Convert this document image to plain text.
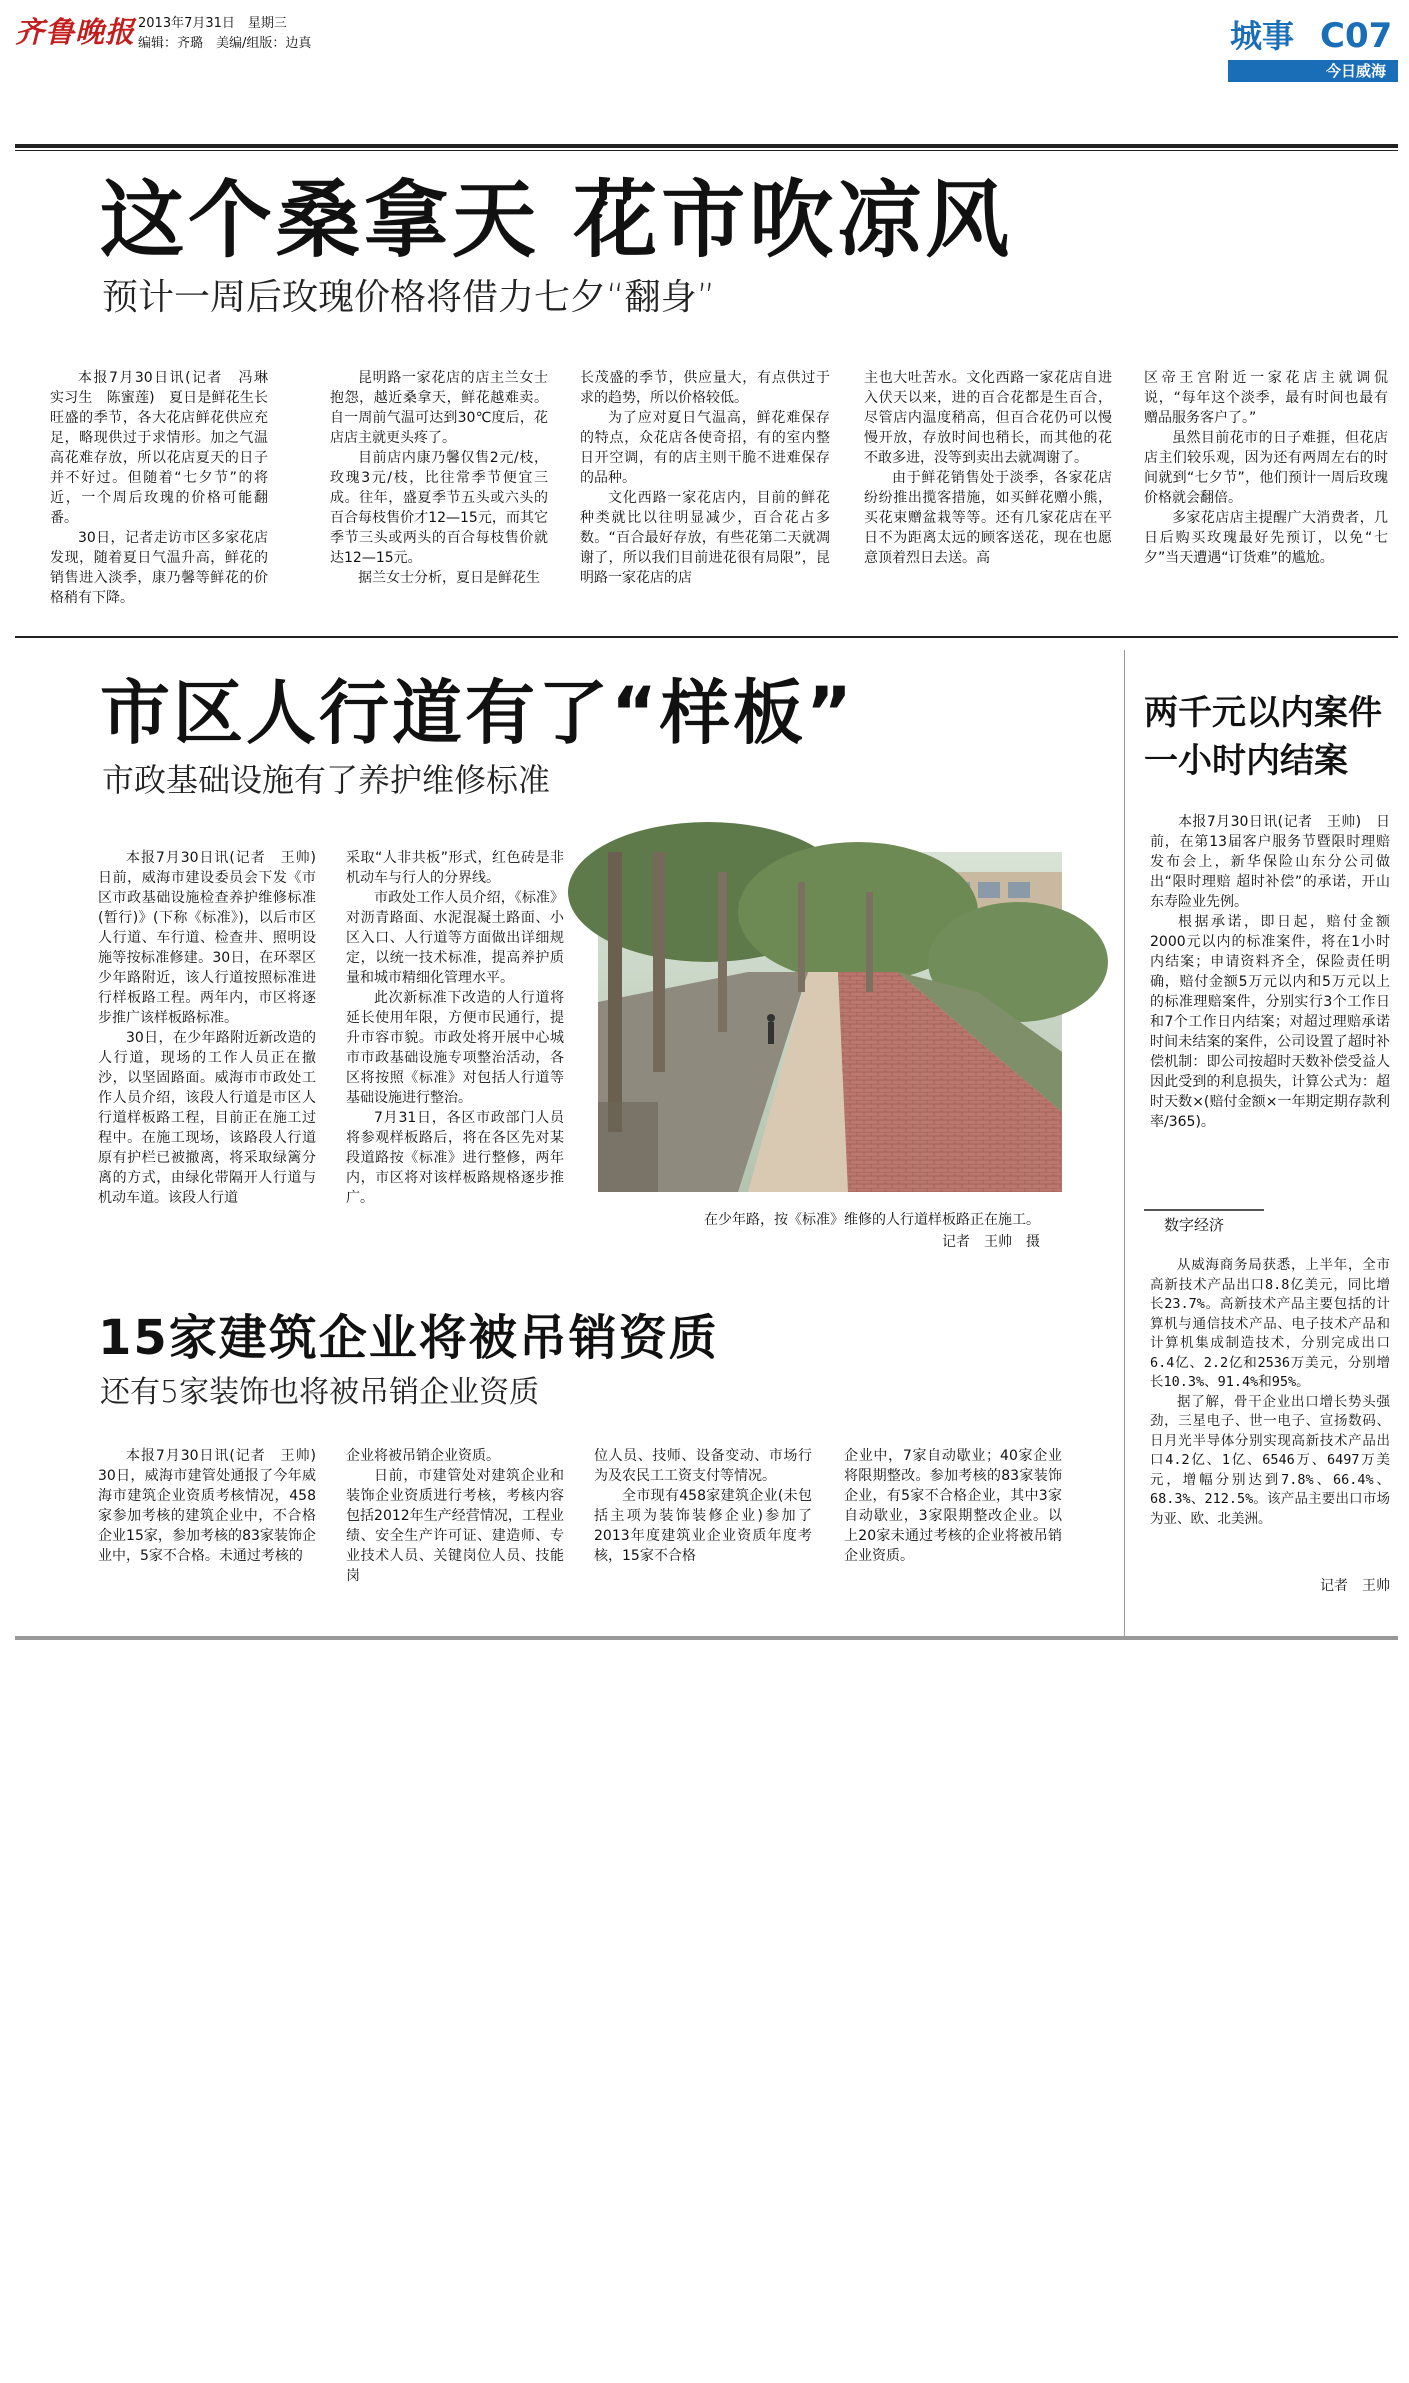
齐鲁晚报 2013年7月31日　星期三
编辑：齐璐　美编/组版：边真	城事 C07
今日威海
这个桑拿天 花市吹凉风
预计一周后玫瑰价格将借力七夕“翻身”

本报7月30日讯(记者　冯琳　实习生　陈蜜莲)　夏日是鲜花生长旺盛的季节，各大花店鲜花供应充足，略现供过于求情形。加之气温高花难存放，所以花店夏天的日子并不好过。但随着“七夕节”的将近，一个周后玫瑰的价格可能翻番。

30日，记者走访市区多家花店发现，随着夏日气温升高，鲜花的销售进入淡季，康乃馨等鲜花的价格稍有下降。

昆明路一家花店的店主兰女士抱怨，越近桑拿天，鲜花越难卖。自一周前气温可达到30℃度后，花店店主就更头疼了。

目前店内康乃馨仅售2元/枝，玫瑰3元/枝，比往常季节便宜三成。往年，盛夏季节五头或六头的百合每枝售价才12—15元，而其它季节三头或两头的百合每枝售价就达12—15元。

据兰女士分析，夏日是鲜花生

长茂盛的季节，供应量大，有点供过于求的趋势，所以价格较低。

为了应对夏日气温高，鲜花难保存的特点，众花店各使奇招，有的室内整日开空调，有的店主则干脆不进难保存的品种。

文化西路一家花店内，目前的鲜花种类就比以往明显减少，百合花占多数。“百合最好存放，有些花第二天就凋谢了，所以我们目前进花很有局限”，昆明路一家花店的店

主也大吐苦水。文化西路一家花店自进入伏天以来，进的百合花都是生百合，尽管店内温度稍高，但百合花仍可以慢慢开放，存放时间也稍长，而其他的花不敢多进，没等到卖出去就凋谢了。

由于鲜花销售处于淡季，各家花店纷纷推出揽客措施，如买鲜花赠小熊，买花束赠盆栽等等。还有几家花店在平日不为距离太远的顾客送花，现在也愿意顶着烈日去送。高

区帝王宫附近一家花店主就调侃说，“每年这个淡季，最有时间也最有赠品服务客户了。”

虽然目前花市的日子难捱，但花店店主们较乐观，因为还有两周左右的时间就到“七夕节”，他们预计一周后玫瑰价格就会翻倍。

多家花店店主提醒广大消费者，几日后购买玫瑰最好先预订，以免“七夕”当天遭遇“订货难”的尴尬。

市区人行道有了“样板”
市政基础设施有了养护维修标准

本报7月30日讯(记者　王帅)　日前，威海市建设委员会下发《市区市政基础设施检查养护维修标准(暂行)》(下称《标准》)，以后市区人行道、车行道、检查井、照明设施等按标准修建。30日，在环翠区少年路附近，该人行道按照标准进行样板路工程。两年内，市区将逐步推广该样板路标准。

30日，在少年路附近新改造的人行道，现场的工作人员正在撤沙，以坚固路面。威海市市政处工作人员介绍，该段人行道是市区人行道样板路工程，目前正在施工过程中。在施工现场，该路段人行道原有护栏已被撤离，将采取绿篱分离的方式，由绿化带隔开人行道与机动车道。该段人行道

采取“人非共板”形式，红色砖是非机动车与行人的分界线。

市政处工作人员介绍，《标准》对沥青路面、水泥混凝土路面、小区入口、人行道等方面做出详细规定，以统一技术标准，提高养护质量和城市精细化管理水平。

此次新标准下改造的人行道将延长使用年限，方便市民通行，提升市容市貌。市政处将开展中心城市市政基础设施专项整治活动，各区将按照《标准》对包括人行道等基础设施进行整治。

7月31日，各区市政部门人员将参观样板路后，将在各区先对某段道路按《标准》进行整修，两年内，市区将对该样板路规格逐步推广。

在少年路，按《标准》维修的人行道样板路正在施工。
记者　王帅　摄
两千元以内案件
一小时内结案

本报7月30日讯(记者　王帅)　日前，在第13届客户服务节暨限时理赔发布会上，新华保险山东分公司做出“限时理赔 超时补偿”的承诺，开山东寿险业先例。

根据承诺，即日起，赔付金额2000元以内的标准案件，将在1小时内结案；申请资料齐全，保险责任明确，赔付金额5万元以内和5万元以上的标准理赔案件，分别实行3个工作日和7个工作日内结案；对超过理赔承诺时间未结案的案件，公司设置了超时补偿机制：即公司按超时天数补偿受益人因此受到的利息损失，计算公式为：超时天数×(赔付金额×一年期定期存款利率/365)。

数字经济

从威海商务局获悉，上半年，全市高新技术产品出口8.8亿美元，同比增长23.7%。高新技术产品主要包括的计算机与通信技术产品、电子技术产品和计算机集成制造技术，分别完成出口6.4亿、2.2亿和2536万美元，分别增长10.3%、91.4%和95%。

据了解，骨干企业出口增长势头强劲，三星电子、世一电子、宣扬数码、日月光半导体分别实现高新技术产品出口4.2亿、1亿、6546万、6497万美元，增幅分别达到7.8%、66.4%、68.3%、212.5%。该产品主要出口市场为亚、欧、北美洲。

记者　王帅
15家建筑企业将被吊销资质
还有5家装饰也将被吊销企业资质

本报7月30日讯(记者　王帅)　30日，威海市建管处通报了今年威海市建筑企业资质考核情况，458家参加考核的建筑企业中，不合格企业15家，参加考核的83家装饰企业中，5家不合格。未通过考核的

企业将被吊销企业资质。

日前，市建管处对建筑企业和装饰企业资质进行考核，考核内容包括2012年生产经营情况，工程业绩、安全生产许可证、建造师、专业技术人员、关键岗位人员、技能岗

位人员、技师、设备变动、市场行为及农民工工资支付等情况。

全市现有458家建筑企业(未包括主项为装饰装修企业)参加了2013年度建筑业企业资质年度考核，15家不合格

企业中，7家自动歇业；40家企业将限期整改。参加考核的83家装饰企业，有5家不合格企业，其中3家自动歇业，3家限期整改企业。以上20家未通过考核的企业将被吊销企业资质。
